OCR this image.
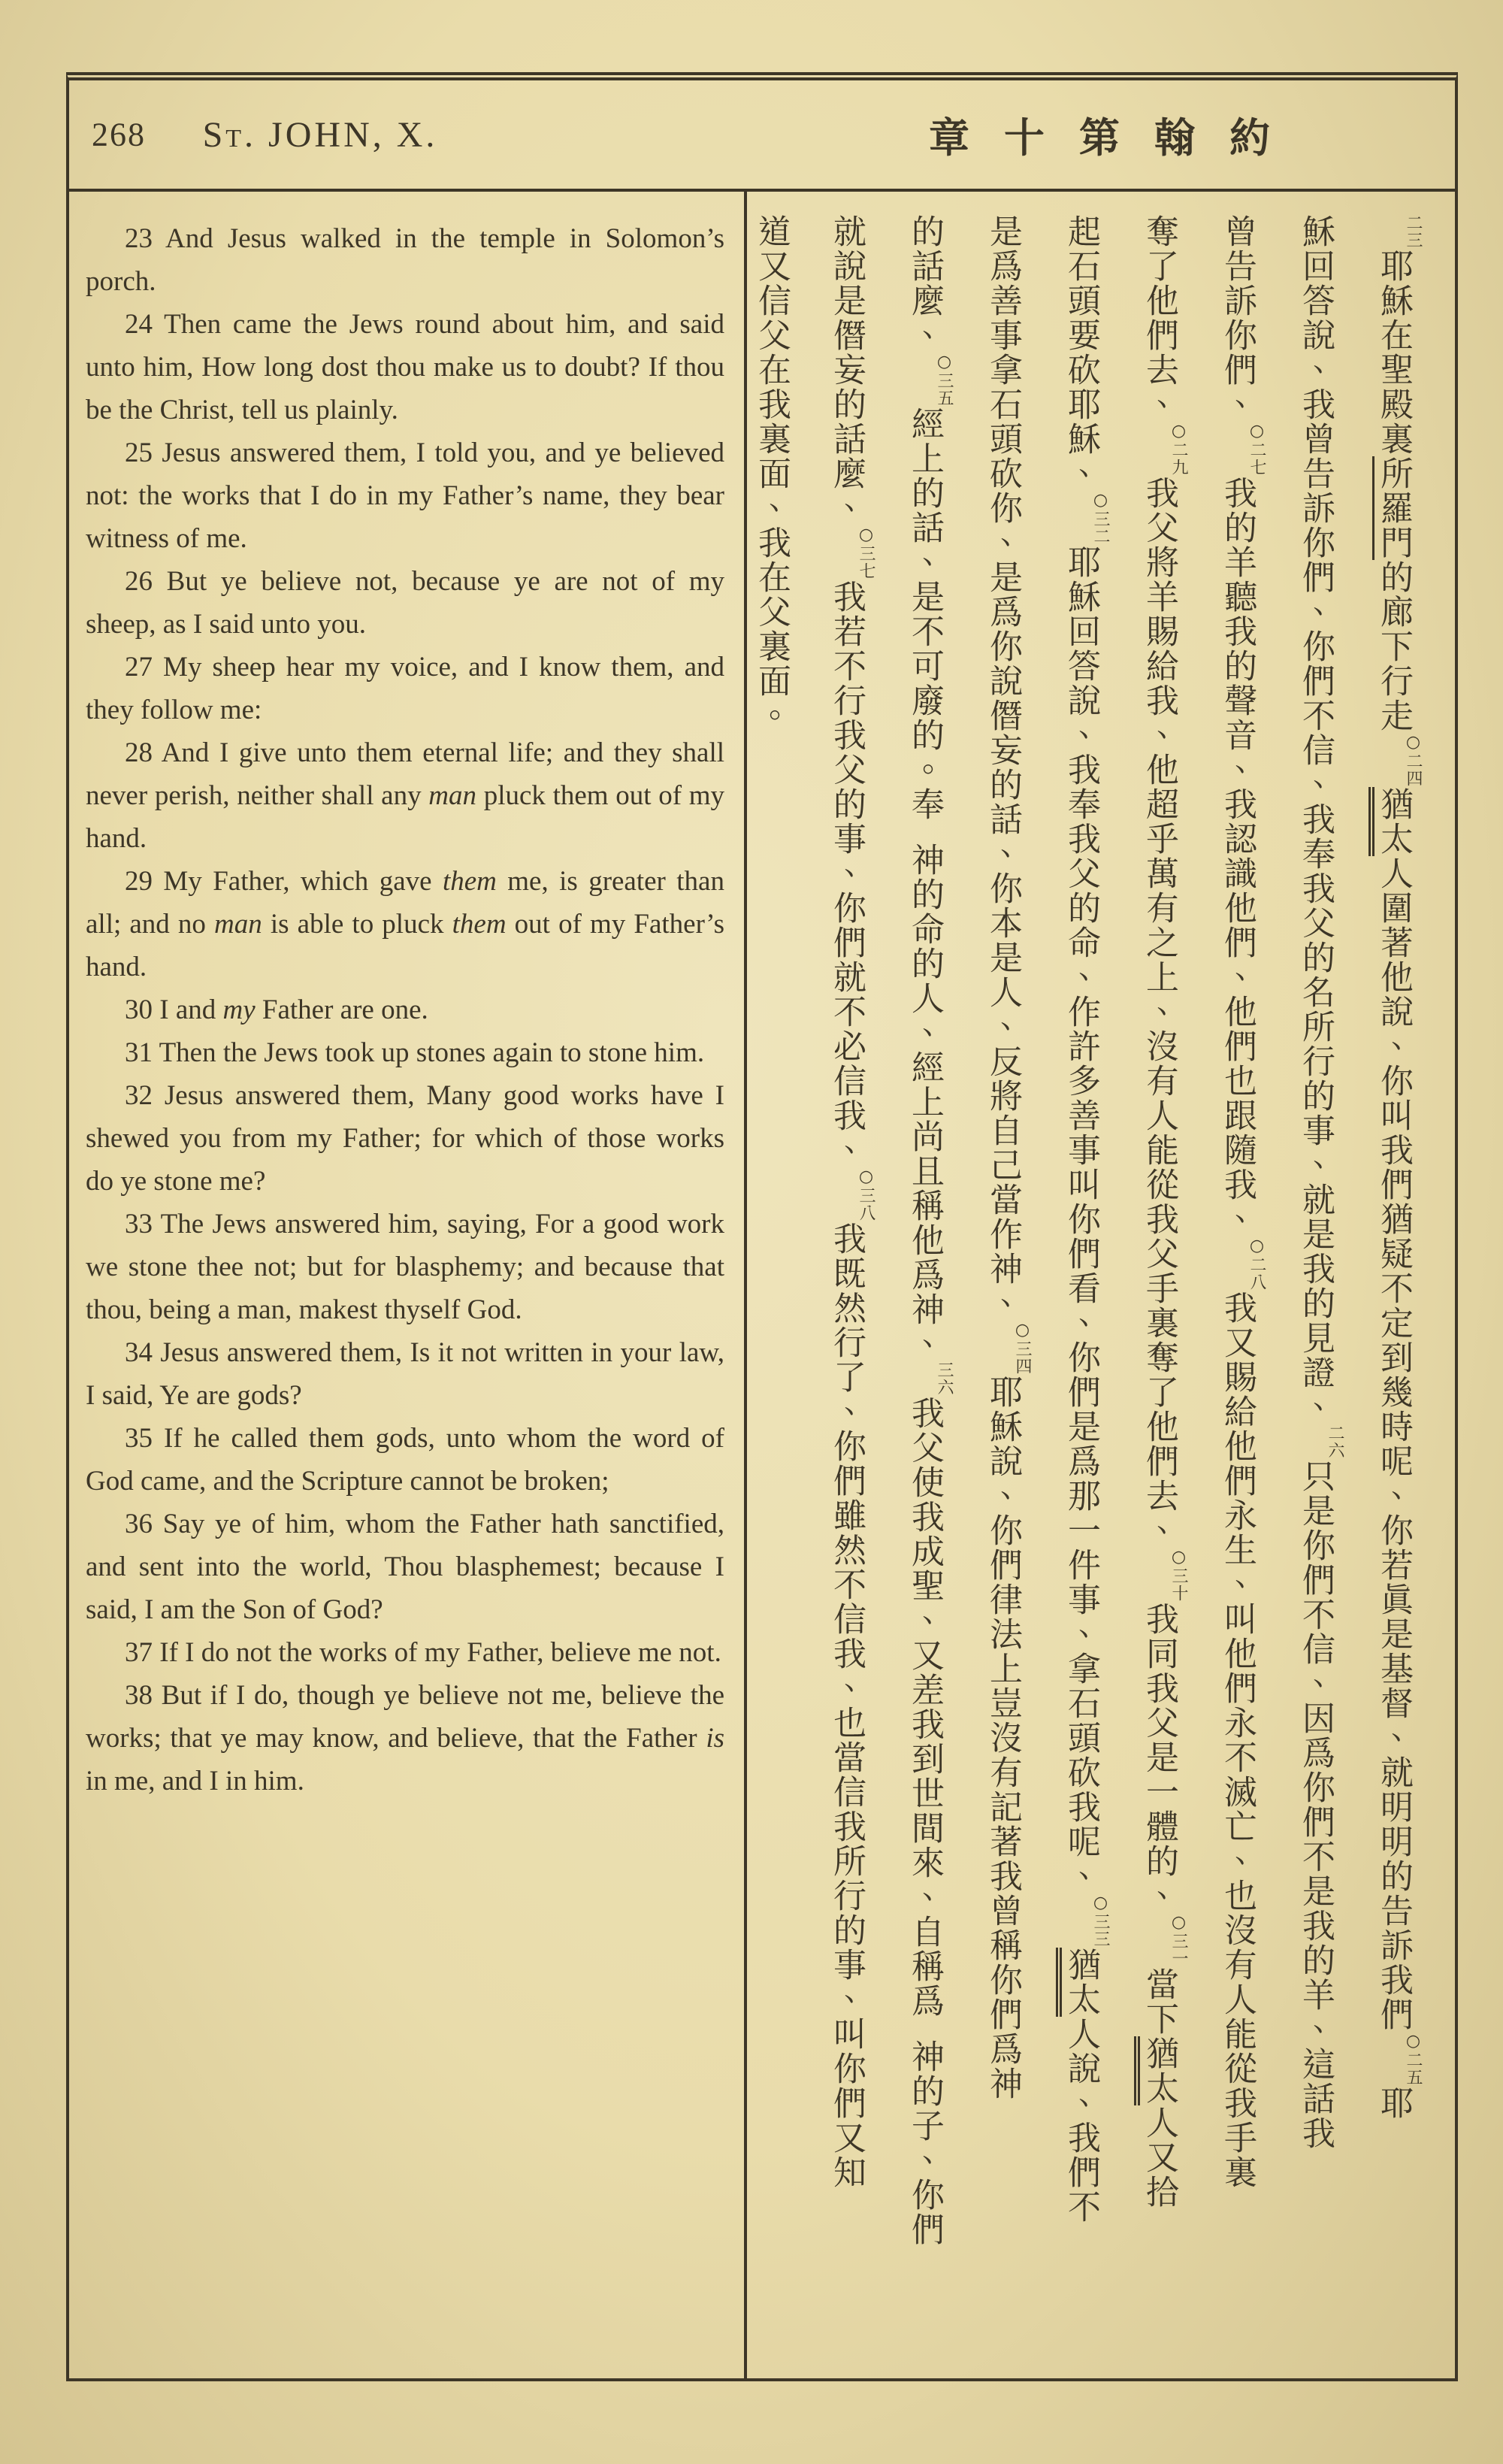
268 St. JOHN, X.	章十第翰約

23 And Jesus walked in the temple in Solomon’s porch.

24 Then came the Jews round about him, and said unto him, How long dost thou make us to doubt? If thou be the Christ, tell us plainly.

25 Jesus answered them, I told you, and ye believed not: the works that I do in my Father’s name, they bear witness of me.

26 But ye believe not, because ye are not of my sheep, as I said unto you.

27 My sheep hear my voice, and I know them, and they follow me:

28 And I give unto them eternal life; and they shall never perish, neither shall any man pluck them out of my hand.

29 My Father, which gave them me, is greater than all; and no man is able to pluck them out of my Father’s hand.

30 I and my Father are one.

31 Then the Jews took up stones again to stone him.

32 Jesus answered them, Many good works have I shewed you from my Father; for which of those works do ye stone me?

33 The Jews answered him, saying, For a good work we stone thee not; but for blasphemy; and because that thou, being a man, makest thyself God.

34 Jesus answered them, Is it not written in your law, I said, Ye are gods?

35 If he called them gods, unto whom the word of God came, and the Scripture cannot be broken;

36 Say ye of him, whom the Father hath sanctified, and sent into the world, Thou blasphemest; because I said, I am the Son of God?

37 If I do not the works of my Father, believe me not.

38 But if I do, though ye believe not me, believe the works; that ye may know, and believe, that the Father is in me, and I in him.

二三耶穌在聖殿裏所羅門的廊下行走○二四猶太人圍著他說、你叫我們猶疑不定到幾時呢、你若眞是基督、就明明的告訴我們○二五耶
穌回答說、我曾告訴你們、你們不信、我奉我父的名所行的事、就是我的見證、二六只是你們不信、因爲你們不是我的羊、這話我
曾告訴你們、○二七我的羊聽我的聲音、我認識他們、他們也跟隨我、○二八我又賜給他們永生、叫他們永不滅亡、也沒有人能從我手裏
奪了他們去、○二九我父將羊賜給我、他超乎萬有之上、沒有人能從我父手裏奪了他們去、○三十我同我父是一體的、○三一當下猶太人又拾
起石頭要砍耶穌、○三二耶穌回答說、我奉我父的命、作許多善事叫你們看、你們是爲那一件事、拿石頭砍我呢、○三三猶太人說、我們不
是爲善事拿石頭砍你、是爲你說僭妄的話、你本是人、反將自己當作神、○三四耶穌說、你們律法上豈沒有記著我曾稱你們爲神
的話麼、○三五經上的話、是不可廢的。奉神的命的人、經上尚且稱他爲神、三六我父使我成聖、又差我到世間來、自稱爲神的子、你們
就說是僭妄的話麼、○三七我若不行我父的事、你們就不必信我、○三八我既然行了、你們雖然不信我、也當信我所行的事、叫你們又知
道又信父在我裏面、我在父裏面。
